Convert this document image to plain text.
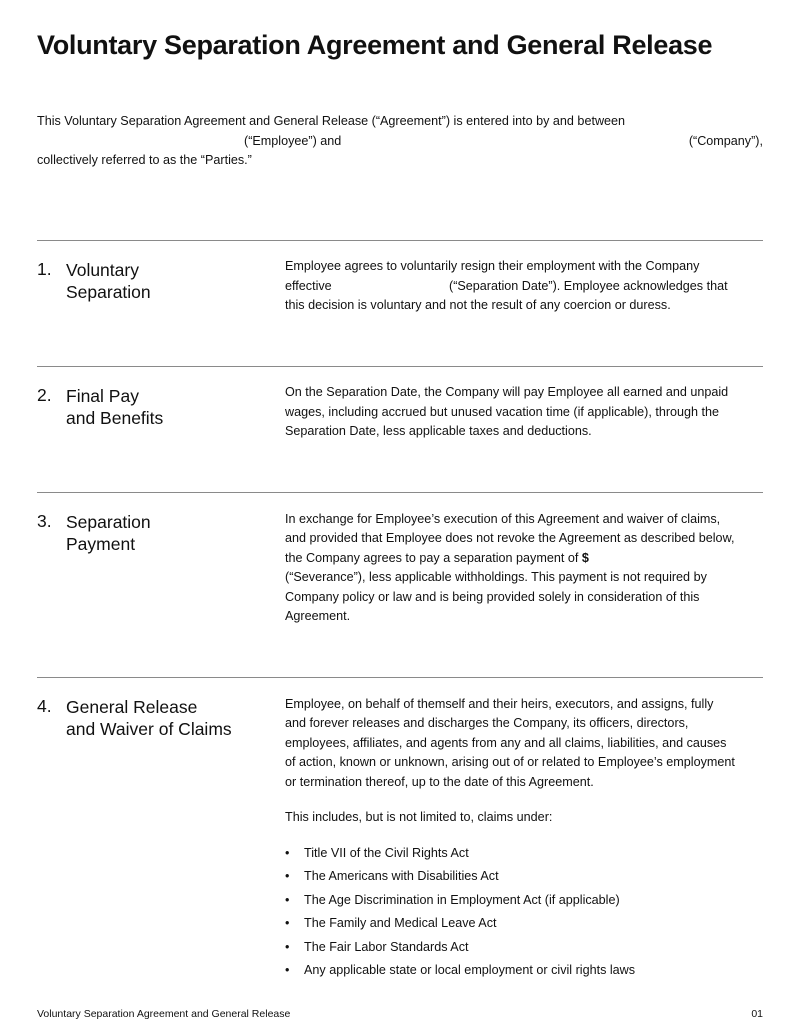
Voluntary Separation Agreement and General Release
This Voluntary Separation Agreement and General Release (“Agreement”) is entered into by and between
(“Employee”) and	(“Company”),
collectively referred to as the “Parties.”
1. Voluntary
Separation
Employee agrees to voluntarily resign their employment with the Company
effective	(“Separation Date”). Employee acknowledges that
this decision is voluntary and not the result of any coercion or duress.
2. Final Pay
and Benefits
On the Separation Date, the Company will pay Employee all earned and unpaid
wages, including accrued but unused vacation time (if applicable), through the
Separation Date, less applicable taxes and deductions.
3. Separation
Payment
In exchange for Employee’s execution of this Agreement and waiver of claims,
and provided that Employee does not revoke the Agreement as described below,
the Company agrees to pay a separation payment of $
(“Severance”), less applicable withholdings. This payment is not required by
Company policy or law and is being provided solely in consideration of this
Agreement.
4. General Release
and Waiver of Claims
Employee, on behalf of themself and their heirs, executors, and assigns, fully
and forever releases and discharges the Company, its officers, directors,
employees, affiliates, and agents from any and all claims, liabilities, and causes
of action, known or unknown, arising out of or related to Employee’s employment
or termination thereof, up to the date of this Agreement.
This includes, but is not limited to, claims under:
• Title VII of the Civil Rights Act
• The Americans with Disabilities Act
• The Age Discrimination in Employment Act (if applicable)
• The Family and Medical Leave Act
• The Fair Labor Standards Act
• Any applicable state or local employment or civil rights laws
Voluntary Separation Agreement and General Release	01
